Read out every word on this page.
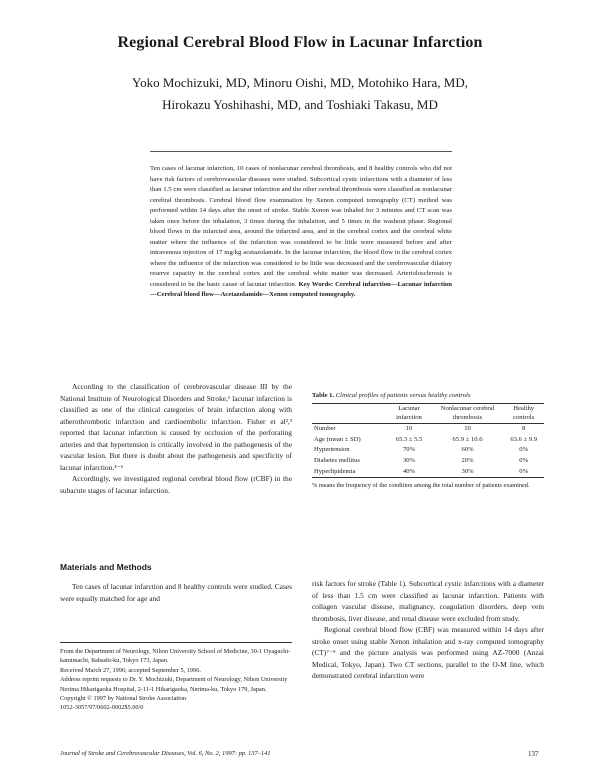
Regional Cerebral Blood Flow in Lacunar Infarction
Yoko Mochizuki, MD, Minoru Oishi, MD, Motohiko Hara, MD,
Hirokazu Yoshihashi, MD, and Toshiaki Takasu, MD
Ten cases of lacunar infarction, 10 cases of nonlacunar cerebral thrombosis, and 8 healthy controls who did not have risk factors of cerebrovascular diseases were studied. Subcortical cystic infarctions with a diameter of less than 1.5 cm were classified as lacunar infarction and the other cerebral thrombosis were classified as nonlacunar cerebral thrombosis. Cerebral blood flow examination by Xenon computed tomography (CT) method was performed within 14 days after the onset of stroke. Stable Xenon was inhaled for 3 minutes and CT scan was taken once before the inhalation, 3 times during the inhalation, and 5 times in the washout phase. Regional blood flows in the infarcted area, around the infarcted area, and in the cerebral cortex and the cerebral white matter where the influence of the infarction was considered to be little were measured before and after intravenous injection of 17 mg/kg acetazolamide. In the lacunar infarction, the blood flow in the cerebral cortex where the influence of the infarction was considered to be little was decreased and the cerebrovascular dilatory reserve capacity in the cerebral cortex and the cerebral white matter was decreased. Arteriolosclerosis is considered to be the basic cause of lacunar infarction. Key Words: Cerebral infarction—Lacunar infarction—Cerebral blood flow—Acetazolamide—Xenon computed tomography.

According to the classification of cerebrovascular disease III by the National Institute of Neurological Disorders and Stroke,¹ lacunar infarction is classified as one of the clinical categories of brain infarction along with atherothrombotic infarction and cardioembolic infarction. Fisher et al²,³ reported that lacunar infarction is caused by occlusion of the perforating arteries and that hypertension is critically involved in the pathogenesis of the vascular lesion. But there is doubt about the pathogenesis and specificity of lacunar infarction.⁴⁻⁶

Accordingly, we investigated regional cerebral blood flow (rCBF) in the subacute stages of lacunar infarction.

Materials and Methods

Ten cases of lacunar infarction and 8 healthy controls were studied. Cases were equally matched for age and

From the Department of Neurology, Nihon University School of Medicine, 30-1 Oyaguchi-kamimachi, Itabashi-ku, Tokyo 173, Japan.
Received March 27, 1996; accepted September 5, 1996.
Address reprint requests to Dr. Y. Mochizuki, Department of Neurology, Nihon University Nerima Hikarigaoka Hospital, 2-11-1 Hikarigaoka, Nerima-ku, Tokyo 179, Japan.
Copyright © 1997 by National Stroke Association
1052-3057/97/0602-0002$5.00/0
Table 1. Clinical profiles of patients versus healthy controls
	Lacunar infarction	Nonlacunar cerebral thrombosis	Healthy controls
Number	10	10	8
Age (mean ± SD)	65.3 ± 5.5	65.9 ± 10.6	63.6 ± 9.9
Hypertension	70%	60%	0%
Diabetes mellitus	30%	20%	0%
Hyperlipidemia	40%	30%	0%
% means the frequency of the condition among the total number of patients examined.

risk factors for stroke (Table 1). Subcortical cystic infarctions with a diameter of less than 1.5 cm were classified as lacunar infarction. Patients with collagen vascular disease, malignancy, coagulation disorders, deep vein thrombosis, liver disease, and renal disease were excluded from study.

Regional cerebral blood flow (CBF) was measured within 14 days after stroke onset using stable Xenon inhalation and x-ray computed tomography (CT)⁷⁻⁹ and the picture analysis was performed using AZ-7000 (Anzai Medical, Tokyo, Japan). Two CT sections, parallel to the O-M line, which demonstrated cerebral infarction were

Journal of Stroke and Cerebrovascular Diseases, Vol. 6, No. 2, 1997: pp. 137–141	137
